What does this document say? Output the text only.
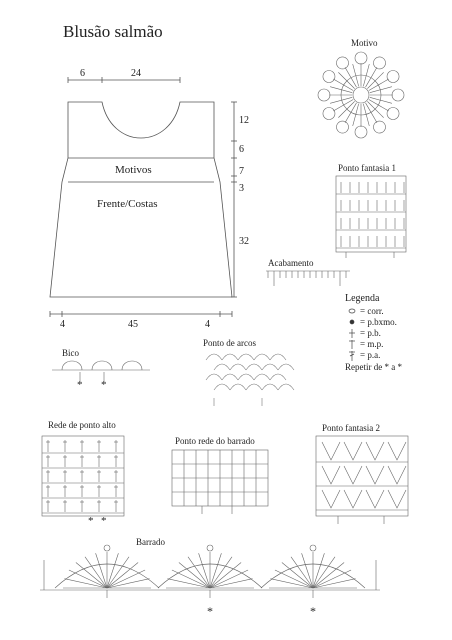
Blusão salmão
6	24
12
6
7
3
32
4	45	4
Motivos
Frente/Costas
Motivo
Ponto fantasia 1
Acabamento
Bico
Ponto de arcos
Rede de ponto alto
Ponto rede do barrado
Ponto fantasia 2
Barrado
Legenda
= corr.
= p.bxmo.
= p.b.
= m.p.
= p.a.
Repetir de * a *
* *
* *
*	*
